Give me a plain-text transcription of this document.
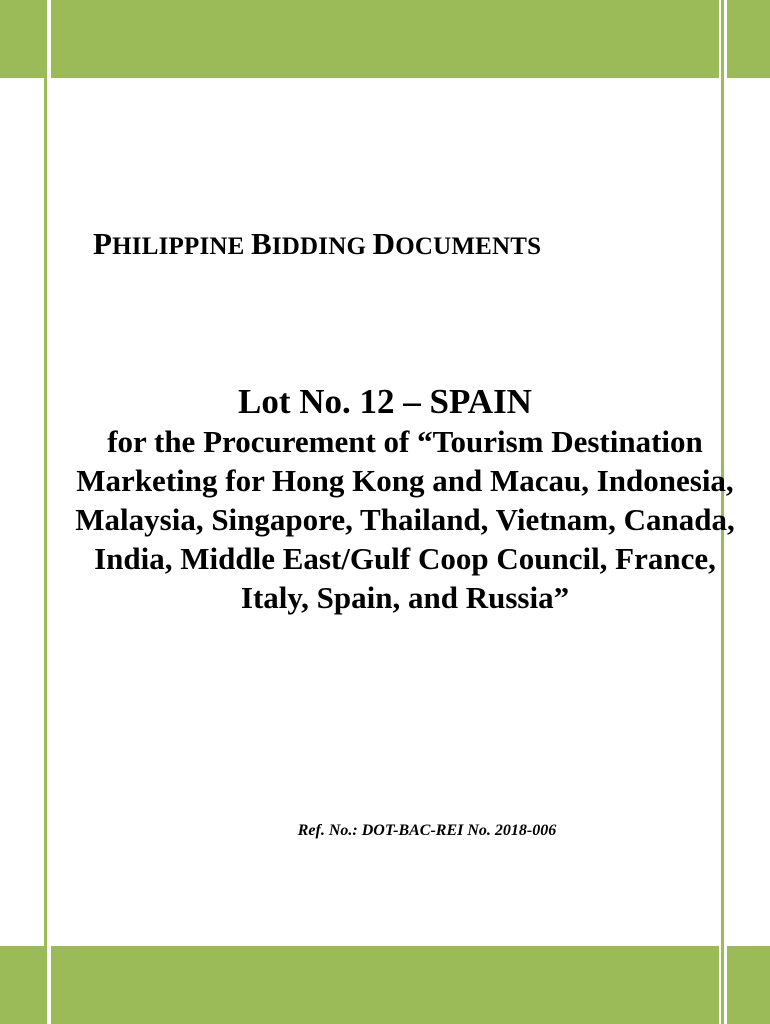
PHILIPPINE BIDDING DOCUMENTS
Lot No. 12 – SPAIN
for the Procurement of “Tourism Destination Marketing for Hong Kong and Macau, Indonesia, Malaysia, Singapore, Thailand, Vietnam, Canada, India, Middle East/Gulf Coop Council, France, Italy, Spain, and Russia”
Ref. No.: DOT-BAC-REI No. 2018-006
